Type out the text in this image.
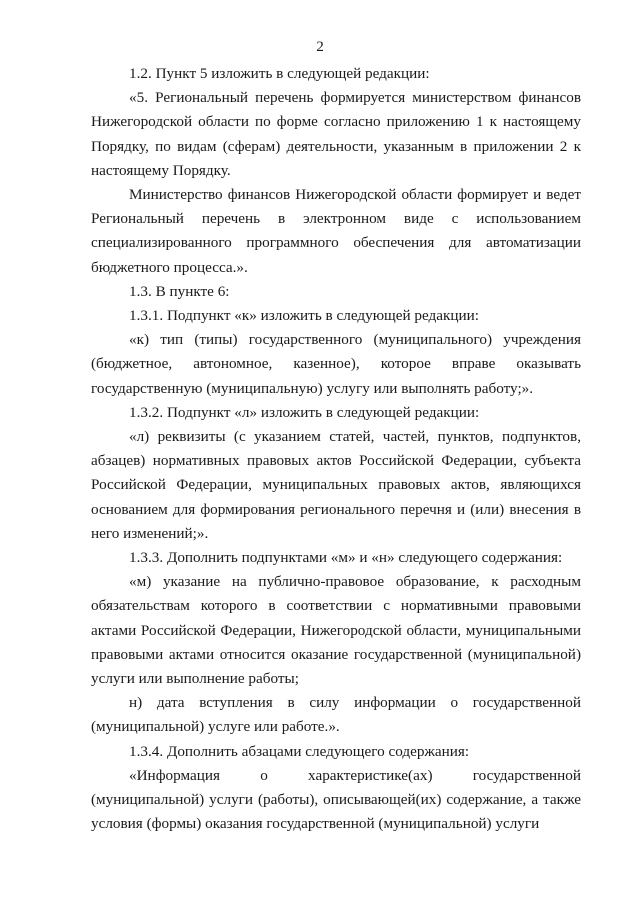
2

1.2. Пункт 5 изложить в следующей редакции:

«5. Региональный перечень формируется министерством финансов Нижегородской области по форме согласно приложению 1 к настоящему Порядку, по видам (сферам) деятельности, указанным в приложении 2 к настоящему Порядку.

Министерство финансов Нижегородской области формирует и ведет Региональный перечень в электронном виде с использованием специализированного программного обеспечения для автоматизации бюджетного процесса.».

1.3. В пункте 6:

1.3.1. Подпункт «к» изложить в следующей редакции:

«к) тип (типы) государственного (муниципального) учреждения (бюджетное, автономное, казенное), которое вправе оказывать государственную (муниципальную) услугу или выполнять работу;».

1.3.2. Подпункт «л» изложить в следующей редакции:

«л) реквизиты (с указанием статей, частей, пунктов, подпунктов, абзацев) нормативных правовых актов Российской Федерации, субъекта Российской Федерации, муниципальных правовых актов, являющихся основанием для формирования регионального перечня и (или) внесения в него изменений;».

1.3.3. Дополнить подпунктами «м» и «н» следующего содержания:

«м) указание на публично-правовое образование, к расходным обязательствам которого в соответствии с нормативными правовыми актами Российской Федерации, Нижегородской области, муниципальными правовыми актами относится оказание государственной (муниципальной) услуги или выполнение работы;

н) дата вступления в силу информации о государственной (муниципальной) услуге или работе.».

1.3.4. Дополнить абзацами следующего содержания:

«Информация о характеристике(ах) государственной (муниципальной) услуги (работы), описывающей(их) содержание, а также условия (формы) оказания государственной (муниципальной) услуги
